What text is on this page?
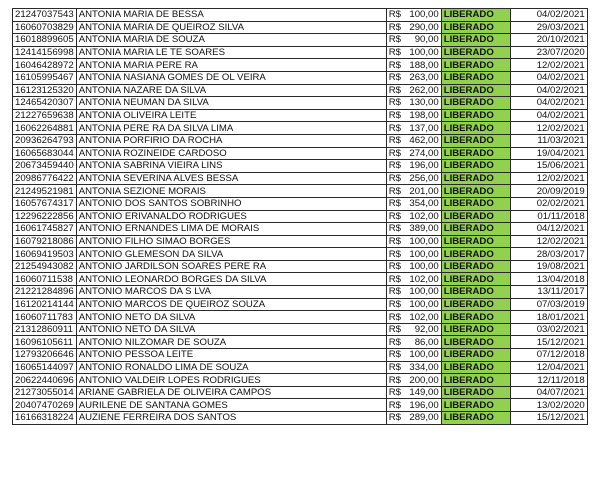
21247037543	ANTONIA MARIA DE BESSA	R$	100,00	LIBERADO	04/02/2021
16060703829	ANTONIA MARIA DE QUEIROZ SILVA	R$	290,00	LIBERADO	29/03/2021
16018899605	ANTONIA MARIA DE SOUZA	R$	90,00	LIBERADO	20/10/2021
12414156998	ANTONIA MARIA LE TE SOARES	R$	100,00	LIBERADO	23/07/2020
16046428972	ANTONIA MARIA PERE RA	R$	188,00	LIBERADO	12/02/2021
16105995467	ANTONIA NASIANA GOMES DE OL VEIRA	R$	263,00	LIBERADO	04/02/2021
16123125320	ANTONIA NAZARE DA SILVA	R$	262,00	LIBERADO	04/02/2021
12465420307	ANTONIA NEUMAN DA SILVA	R$	130,00	LIBERADO	04/02/2021
21227659638	ANTONIA OLIVEIRA LEITE	R$	198,00	LIBERADO	04/02/2021
16062264881	ANTONIA PERE RA DA SILVA LIMA	R$	137,00	LIBERADO	12/02/2021
20936264793	ANTONIA PORFIRIO DA ROCHA	R$	462,00	LIBERADO	11/03/2021
16065683044	ANTONIA ROZINEIDE CARDOSO	R$	274,00	LIBERADO	19/04/2021
20673459440	ANTONIA SABRINA VIEIRA LINS	R$	196,00	LIBERADO	15/06/2021
20986776422	ANTONIA SEVERINA ALVES BESSA	R$	256,00	LIBERADO	12/02/2021
21249521981	ANTONIA SEZIONE MORAIS	R$	201,00	LIBERADO	20/09/2019
16057674317	ANTONIO DOS SANTOS SOBRINHO	R$	354,00	LIBERADO	02/02/2021
12296222856	ANTONIO ERIVANALDO RODRIGUES	R$	102,00	LIBERADO	01/11/2018
16061745827	ANTONIO ERNANDES LIMA DE MORAIS	R$	389,00	LIBERADO	04/12/2021
16079218086	ANTONIO FILHO SIMAO BORGES	R$	100,00	LIBERADO	12/02/2021
16069419503	ANTONIO GLEMESON DA SILVA	R$	100,00	LIBERADO	28/03/2017
21254943082	ANTONIO JARDILSON SOARES PERE RA	R$	100,00	LIBERADO	19/08/2021
16060711538	ANTONIO LEONARDO BORGES DA SILVA	R$	102,00	LIBERADO	13/04/2018
21221284896	ANTONIO MARCOS DA S LVA	R$	100,00	LIBERADO	13/11/2017
16120214144	ANTONIO MARCOS DE QUEIROZ SOUZA	R$	100,00	LIBERADO	07/03/2019
16060711783	ANTONIO NETO DA SILVA	R$	102,00	LIBERADO	18/01/2021
21312860911	ANTONIO NETO DA SILVA	R$	92,00	LIBERADO	03/02/2021
16096105611	ANTONIO NILZOMAR DE SOUZA	R$	86,00	LIBERADO	15/12/2021
12793206646	ANTONIO PESSOA LEITE	R$	100,00	LIBERADO	07/12/2018
16065144097	ANTONIO RONALDO LIMA DE SOUZA	R$	334,00	LIBERADO	12/04/2021
20622440696	ANTONIO VALDEIR LOPES RODRIGUES	R$	200,00	LIBERADO	12/11/2018
21273055014	ARIANE GABRIELA DE OLIVEIRA CAMPOS	R$	149,00	LIBERADO	04/07/2021
20407470269	AURILENE DE SANTANA GOMES	R$	196,00	LIBERADO	13/02/2020
16166318224	AUZIENE FERREIRA DOS SANTOS	R$	289,00	LIBERADO	15/12/2021
